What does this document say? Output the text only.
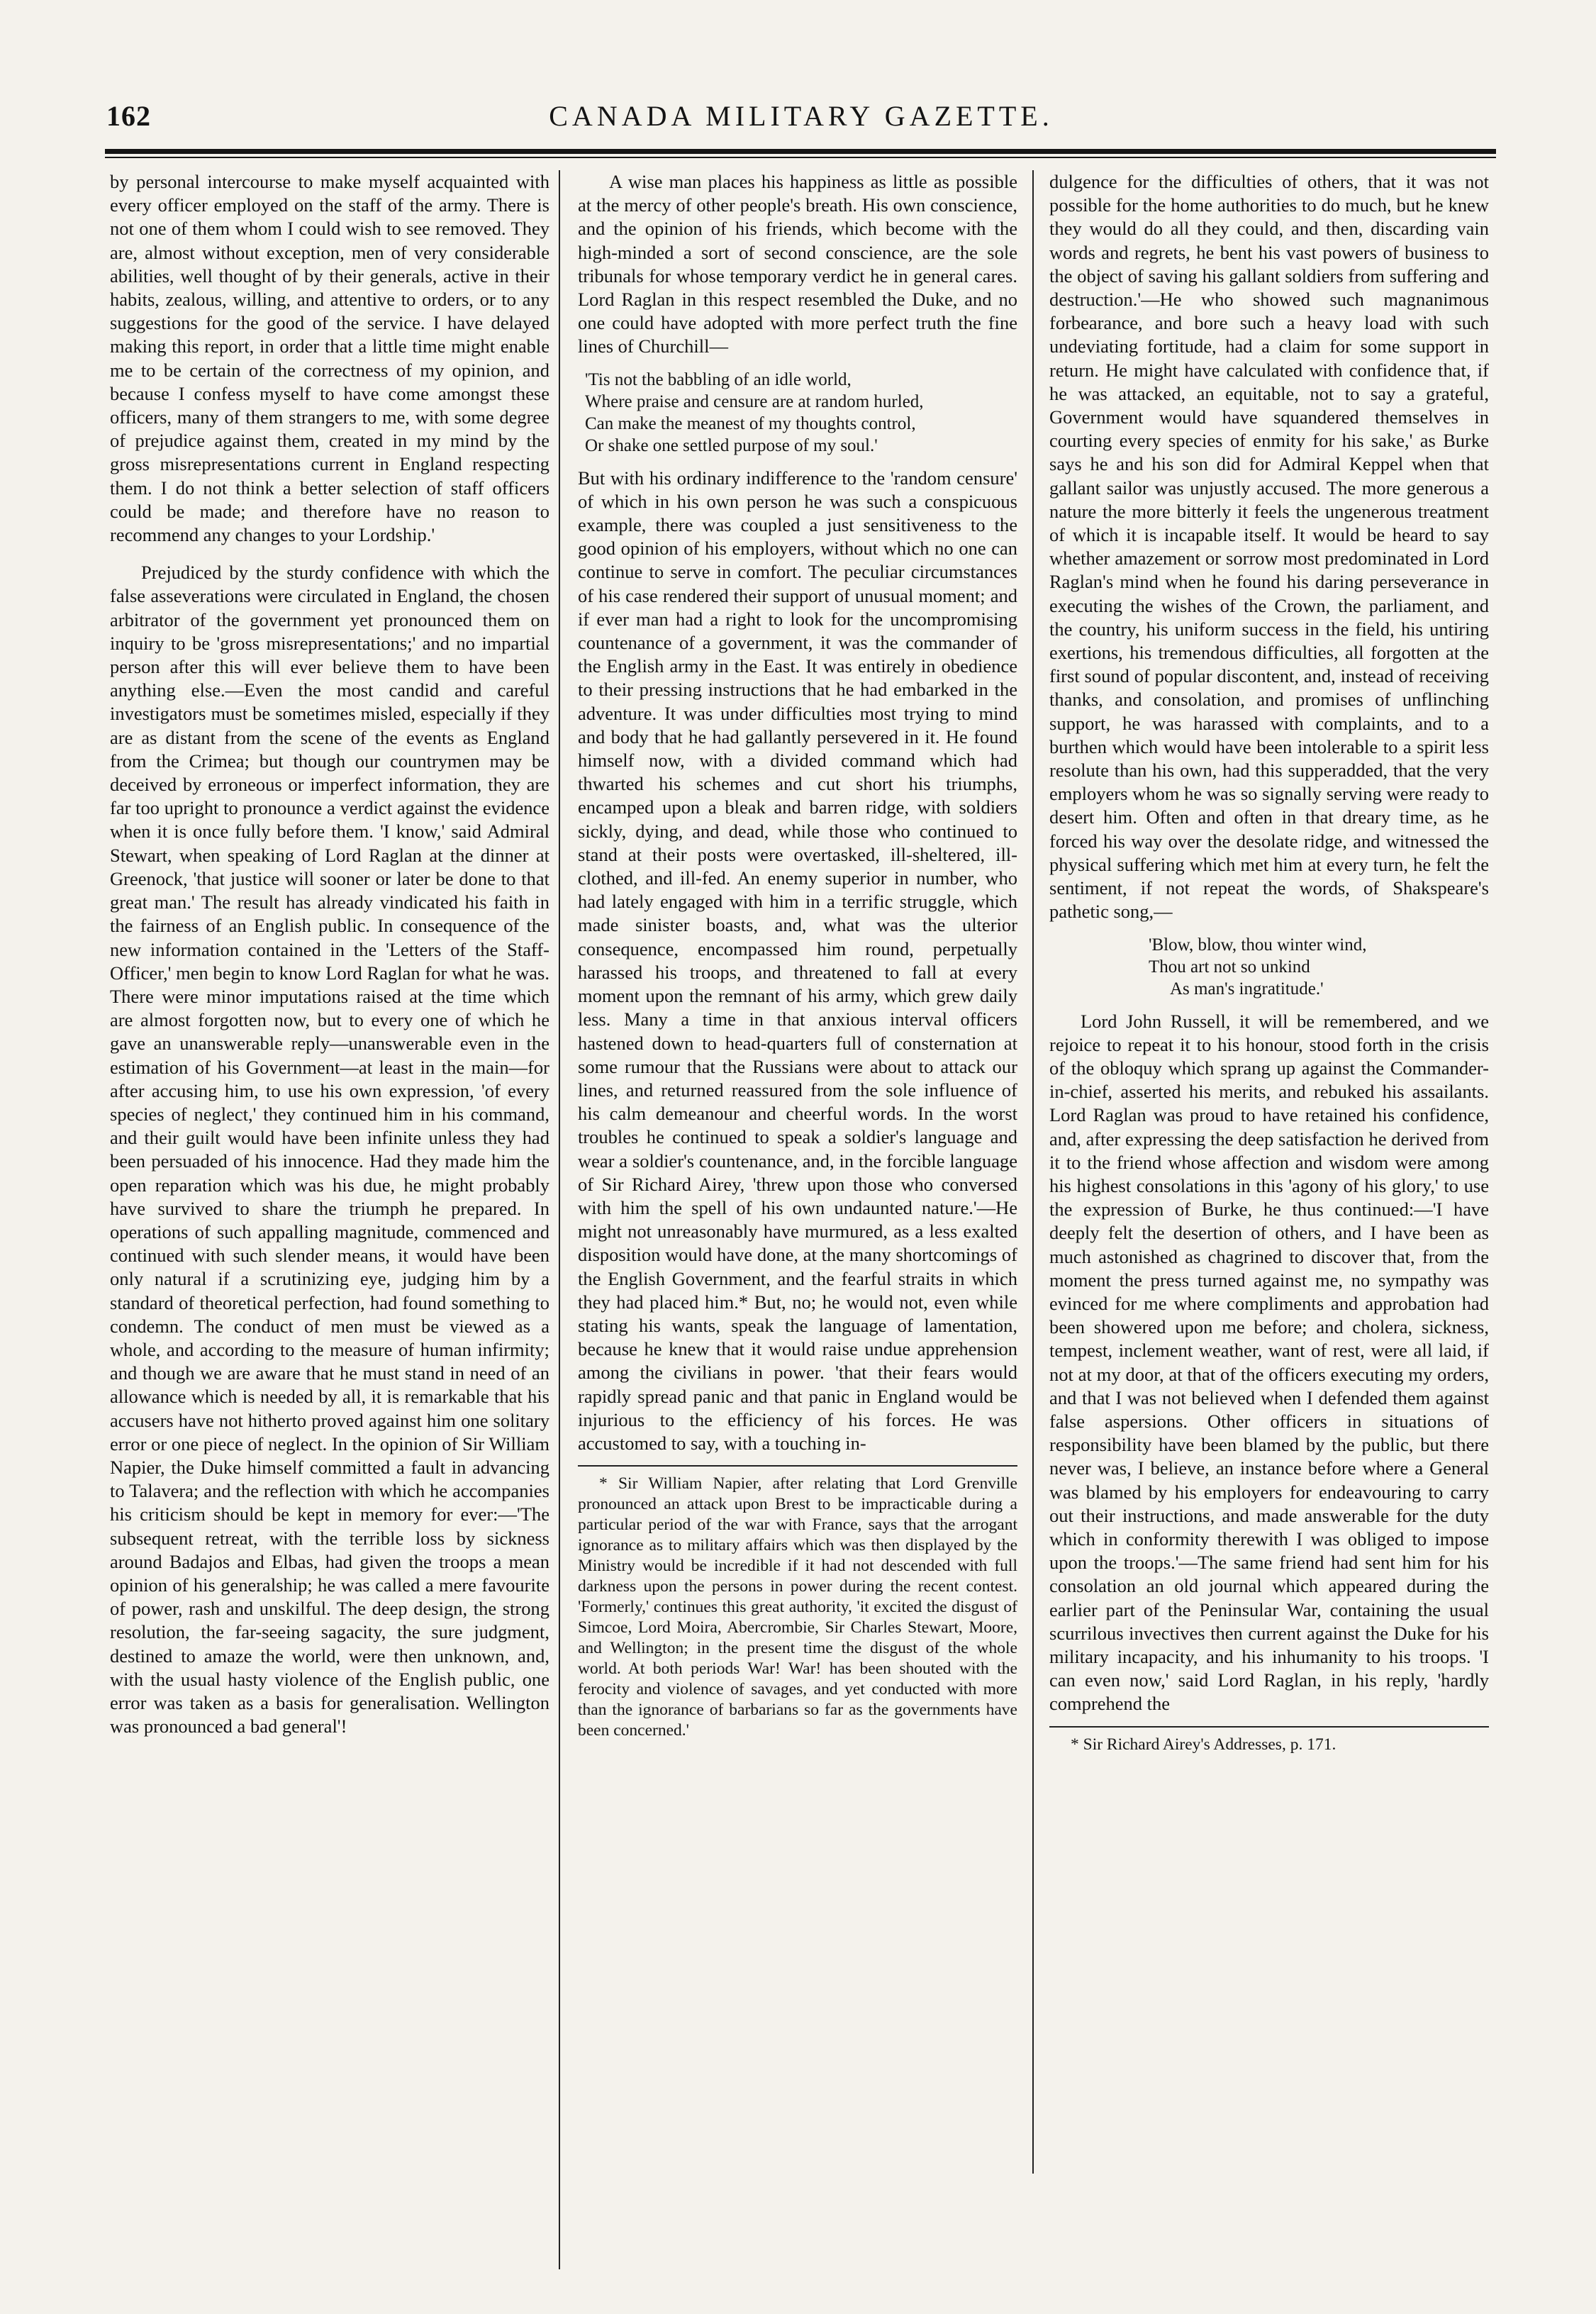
162	CANADA MILITARY GAZETTE.

by personal intercourse to make myself acquainted with every officer employed on the staff of the army. There is not one of them whom I could wish to see removed. They are, almost without exception, men of very considerable abilities, well thought of by their generals, active in their habits, zealous, willing, and attentive to orders, or to any suggestions for the good of the service. I have delayed making this report, in order that a little time might enable me to be certain of the correctness of my opinion, and because I confess myself to have come amongst these officers, many of them strangers to me, with some degree of prejudice against them, created in my mind by the gross misrepresentations current in England respecting them. I do not think a better selection of staff officers could be made; and therefore have no reason to recommend any changes to your Lordship.'

Prejudiced by the sturdy confidence with which the false asseverations were circulated in England, the chosen arbitrator of the government yet pronounced them on inquiry to be 'gross misrepresentations;' and no impartial person after this will ever believe them to have been anything else.—Even the most candid and careful investigators must be sometimes misled, especially if they are as distant from the scene of the events as England from the Crimea; but though our countrymen may be deceived by erroneous or imperfect information, they are far too upright to pronounce a verdict against the evidence when it is once fully before them. 'I know,' said Admiral Stewart, when speaking of Lord Raglan at the dinner at Greenock, 'that justice will sooner or later be done to that great man.' The result has already vindicated his faith in the fairness of an English public. In consequence of the new information contained in the 'Letters of the Staff-Officer,' men begin to know Lord Raglan for what he was. There were minor imputations raised at the time which are almost forgotten now, but to every one of which he gave an unanswerable reply—unanswerable even in the estimation of his Government—at least in the main—for after accusing him, to use his own expression, 'of every species of neglect,' they continued him in his command, and their guilt would have been infinite unless they had been persuaded of his innocence. Had they made him the open reparation which was his due, he might probably have survived to share the triumph he prepared. In operations of such appalling magnitude, commenced and continued with such slender means, it would have been only natural if a scrutinizing eye, judging him by a standard of theoretical perfection, had found something to condemn. The conduct of men must be viewed as a whole, and according to the measure of human infirmity; and though we are aware that he must stand in need of an allowance which is needed by all, it is remarkable that his accusers have not hitherto proved against him one solitary error or one piece of neglect. In the opinion of Sir William Napier, the Duke himself committed a fault in advancing to Talavera; and the reflection with which he accompanies his criticism should be kept in memory for ever:—'The subsequent retreat, with the terrible loss by sickness around Badajos and Elbas, had given the troops a mean opinion of his generalship; he was called a mere favourite of power, rash and unskilful. The deep design, the strong resolution, the far-seeing sagacity, the sure judgment, destined to amaze the world, were then unknown, and, with the usual hasty violence of the English public, one error was taken as a basis for generalisation. Wellington was pronounced a bad general'!

A wise man places his happiness as little as possible at the mercy of other people's breath. His own conscience, and the opinion of his friends, which become with the high-minded a sort of second conscience, are the sole tribunals for whose temporary verdict he in general cares. Lord Raglan in this respect resembled the Duke, and no one could have adopted with more perfect truth the fine lines of Churchill—

'Tis not the babbling of an idle world,
Where praise and censure are at random hurled,
Can make the meanest of my thoughts control,
Or shake one settled purpose of my soul.'

But with his ordinary indifference to the 'random censure' of which in his own person he was such a conspicuous example, there was coupled a just sensitiveness to the good opinion of his employers, without which no one can continue to serve in comfort. The peculiar circumstances of his case rendered their support of unusual moment; and if ever man had a right to look for the uncompromising countenance of a government, it was the commander of the English army in the East. It was entirely in obedience to their pressing instructions that he had embarked in the adventure. It was under difficulties most trying to mind and body that he had gallantly persevered in it. He found himself now, with a divided command which had thwarted his schemes and cut short his triumphs, encamped upon a bleak and barren ridge, with soldiers sickly, dying, and dead, while those who continued to stand at their posts were overtasked, ill-sheltered, ill-clothed, and ill-fed. An enemy superior in number, who had lately engaged with him in a terrific struggle, which made sinister boasts, and, what was the ulterior consequence, encompassed him round, perpetually harassed his troops, and threatened to fall at every moment upon the remnant of his army, which grew daily less. Many a time in that anxious interval officers hastened down to head-quarters full of consternation at some rumour that the Russians were about to attack our lines, and returned reassured from the sole influence of his calm demeanour and cheerful words. In the worst troubles he continued to speak a soldier's language and wear a soldier's countenance, and, in the forcible language of Sir Richard Airey, 'threw upon those who conversed with him the spell of his own undaunted nature.'—He might not unreasonably have murmured, as a less exalted disposition would have done, at the many shortcomings of the English Government, and the fearful straits in which they had placed him.* But, no; he would not, even while stating his wants, speak the language of lamentation, because he knew that it would raise undue apprehension among the civilians in power. 'that their fears would rapidly spread panic and that panic in England would be injurious to the efficiency of his forces. He was accustomed to say, with a touching in-

* Sir William Napier, after relating that Lord Grenville pronounced an attack upon Brest to be impracticable during a particular period of the war with France, says that the arrogant ignorance as to military affairs which was then displayed by the Ministry would be incredible if it had not descended with full darkness upon the persons in power during the recent contest. 'Formerly,' continues this great authority, 'it excited the disgust of Simcoe, Lord Moira, Abercrombie, Sir Charles Stewart, Moore, and Wellington; in the present time the disgust of the whole world. At both periods War! War! has been shouted with the ferocity and violence of savages, and yet conducted with more than the ignorance of barbarians so far as the governments have been concerned.'

dulgence for the difficulties of others, that it was not possible for the home authorities to do much, but he knew they would do all they could, and then, discarding vain words and regrets, he bent his vast powers of business to the object of saving his gallant soldiers from suffering and destruction.'—He who showed such magnanimous forbearance, and bore such a heavy load with such undeviating fortitude, had a claim for some support in return. He might have calculated with confidence that, if he was attacked, an equitable, not to say a grateful, Government would have squandered themselves in courting every species of enmity for his sake,' as Burke says he and his son did for Admiral Keppel when that gallant sailor was unjustly accused. The more generous a nature the more bitterly it feels the ungenerous treatment of which it is incapable itself. It would be heard to say whether amazement or sorrow most predominated in Lord Raglan's mind when he found his daring perseverance in executing the wishes of the Crown, the parliament, and the country, his uniform success in the field, his untiring exertions, his tremendous difficulties, all forgotten at the first sound of popular discontent, and, instead of receiving thanks, and consolation, and promises of unflinching support, he was harassed with complaints, and to a burthen which would have been intolerable to a spirit less resolute than his own, had this supperadded, that the very employers whom he was so signally serving were ready to desert him. Often and often in that dreary time, as he forced his way over the desolate ridge, and witnessed the physical suffering which met him at every turn, he felt the sentiment, if not repeat the words, of Shakspeare's pathetic song,—

'Blow, blow, thou winter wind,
Thou art not so unkind
As man's ingratitude.'

Lord John Russell, it will be remembered, and we rejoice to repeat it to his honour, stood forth in the crisis of the obloquy which sprang up against the Commander-in-chief, asserted his merits, and rebuked his assailants. Lord Raglan was proud to have retained his confidence, and, after expressing the deep satisfaction he derived from it to the friend whose affection and wisdom were among his highest consolations in this 'agony of his glory,' to use the expression of Burke, he thus continued:—'I have deeply felt the desertion of others, and I have been as much astonished as chagrined to discover that, from the moment the press turned against me, no sympathy was evinced for me where compliments and approbation had been showered upon me before; and cholera, sickness, tempest, inclement weather, want of rest, were all laid, if not at my door, at that of the officers executing my orders, and that I was not believed when I defended them against false aspersions. Other officers in situations of responsibility have been blamed by the public, but there never was, I believe, an instance before where a General was blamed by his employers for endeavouring to carry out their instructions, and made answerable for the duty which in conformity therewith I was obliged to impose upon the troops.'—The same friend had sent him for his consolation an old journal which appeared during the earlier part of the Peninsular War, containing the usual scurrilous invectives then current against the Duke for his military incapacity, and his inhumanity to his troops. 'I can even now,' said Lord Raglan, in his reply, 'hardly comprehend the

* Sir Richard Airey's Addresses, p. 171.
